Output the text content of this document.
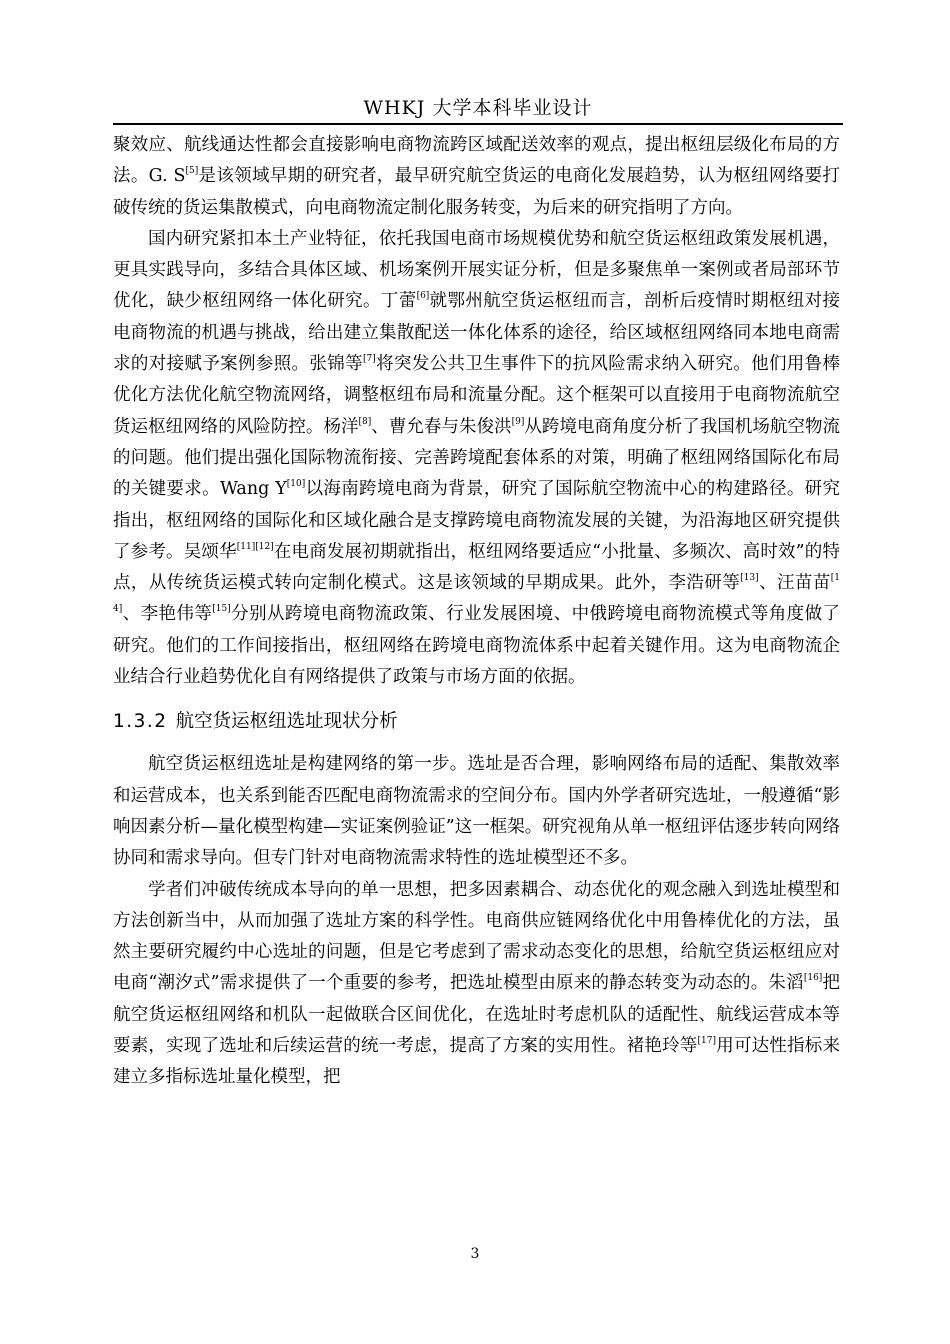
WHKJ 大学本科毕业设计

聚效应、航线通达性都会直接影响电商物流跨区域配送效率的观点，提出枢纽层级化布局的方法。G. S[5]是该领域早期的研究者，最早研究航空货运的电商化发展趋势，认为枢纽网络要打破传统的货运集散模式，向电商物流定制化服务转变，为后来的研究指明了方向。

国内研究紧扣本土产业特征，依托我国电商市场规模优势和航空货运枢纽政策发展机遇，更具实践导向，多结合具体区域、机场案例开展实证分析，但是多聚焦单一案例或者局部环节优化，缺少枢纽网络一体化研究。丁蕾[6]就鄂州航空货运枢纽而言，剖析后疫情时期枢纽对接电商物流的机遇与挑战，给出建立集散配送一体化体系的途径，给区域枢纽网络同本地电商需求的对接赋予案例参照。张锦等[7]将突发公共卫生事件下的抗风险需求纳入研究。他们用鲁棒优化方法优化航空物流网络，调整枢纽布局和流量分配。这个框架可以直接用于电商物流航空货运枢纽网络的风险防控。杨洋[8]、曹允春与朱俊洪[9]从跨境电商角度分析了我国机场航空物流的问题。他们提出强化国际物流衔接、完善跨境配套体系的对策，明确了枢纽网络国际化布局的关键要求。Wang Y[10]以海南跨境电商为背景，研究了国际航空物流中心的构建路径。研究指出，枢纽网络的国际化和区域化融合是支撑跨境电商物流发展的关键，为沿海地区研究提供了参考。吴颂华[11][12]在电商发展初期就指出，枢纽网络要适应“小批量、多频次、高时效”的特点，从传统货运模式转向定制化模式。这是该领域的早期成果。此外，李浩研等[13]、汪苗苗[14]、李艳伟等[15]分别从跨境电商物流政策、行业发展困境、中俄跨境电商物流模式等角度做了研究。他们的工作间接指出，枢纽网络在跨境电商物流体系中起着关键作用。这为电商物流企业结合行业趋势优化自有网络提供了政策与市场方面的依据。

1.3.2 航空货运枢纽选址现状分析

航空货运枢纽选址是构建网络的第一步。选址是否合理，影响网络布局的适配、集散效率和运营成本，也关系到能否匹配电商物流需求的空间分布。国内外学者研究选址，一般遵循“影响因素分析—量化模型构建—实证案例验证”这一框架。研究视角从单一枢纽评估逐步转向网络协同和需求导向。但专门针对电商物流需求特性的选址模型还不多。

学者们冲破传统成本导向的单一思想，把多因素耦合、动态优化的观念融入到选址模型和方法创新当中，从而加强了选址方案的科学性。电商供应链网络优化中用鲁棒优化的方法，虽然主要研究履约中心选址的问题，但是它考虑到了需求动态变化的思想，给航空货运枢纽应对电商“潮汐式”需求提供了一个重要的参考，把选址模型由原来的静态转变为动态的。朱滔[16]把航空货运枢纽网络和机队一起做联合区间优化，在选址时考虑机队的适配性、航线运营成本等要素，实现了选址和后续运营的统一考虑，提高了方案的实用性。褚艳玲等[17]用可达性指标来建立多指标选址量化模型，把

3
